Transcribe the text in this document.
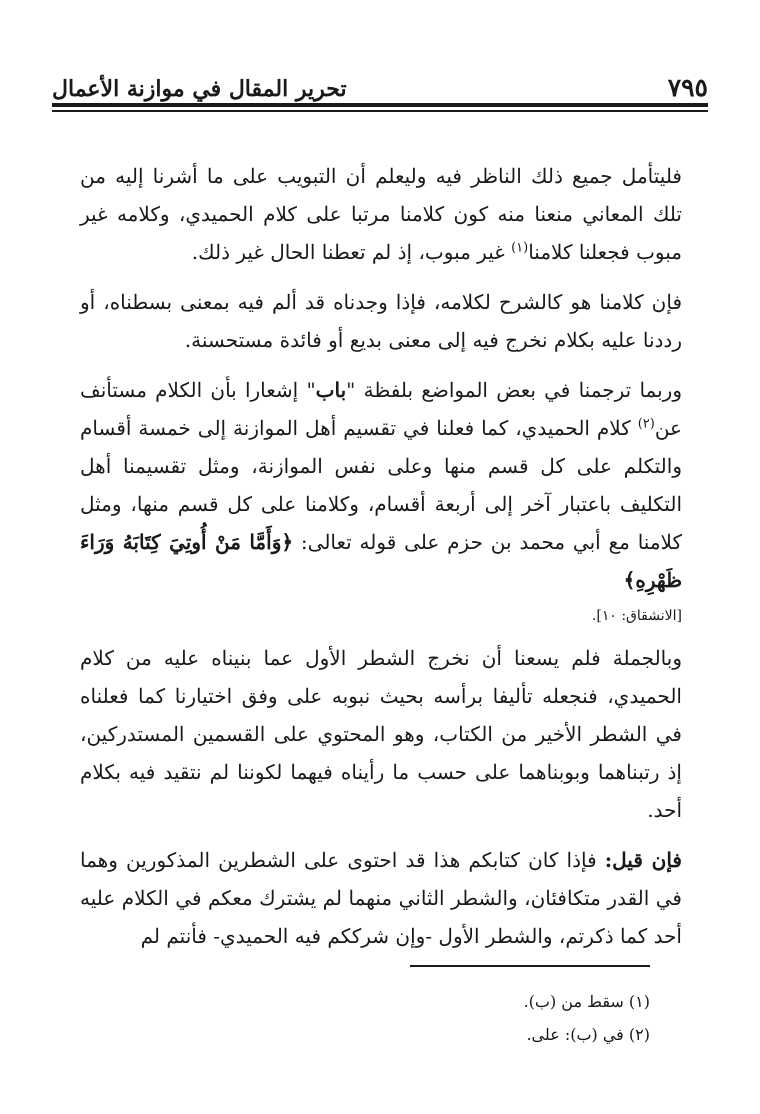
٧٩٥
تحرير المقال في موازنة الأعمال

فليتأمل جميع ذلك الناظر فيه وليعلم أن التبويب على ما أشرنا إليه من تلك المعاني منعنا منه كون كلامنا مرتبا على كلام الحميدي، وكلامه غير مبوب فجعلنا كلامنا$^{(١)}$ غير مبوب، إذ لم تعطنا الحال غير ذلك.

فإن كلامنا هو كالشرح لكلامه، فإذا وجدناه قد ألم فيه بمعنى بسطناه، أو رددنا عليه بكلام نخرج فيه إلى معنى بديع أو فائدة مستحسنة.

وربما ترجمنا في بعض المواضع بلفظة "باب" إشعارا بأن الكلام مستأنف عن$^{(٢)}$ كلام الحميدي، كما فعلنا في تقسيم أهل الموازنة إلى خمسة أقسام والتكلم على كل قسم منها وعلى نفس الموازنة، ومثل تقسيمنا أهل التكليف باعتبار آخر إلى أربعة أقسام، وكلامنا على كل قسم منها، ومثل كلامنا مع أبي محمد بن حزم على قوله تعالى: ﴿وَأَمَّا مَنْ أُوتِيَ كِتَابَهُ وَرَاءَ ظَهْرِهِ﴾

[الانشقاق: ١٠].

وبالجملة فلم يسعنا أن نخرج الشطر الأول عما بنيناه عليه من كلام الحميدي، فنجعله تأليفا برأسه بحيث نبوبه على وفق اختيارنا كما فعلناه في الشطر الأخير من الكتاب، وهو المحتوي على القسمين المستدركين، إذ رتبناهما وبوبناهما على حسب ما رأيناه فيهما لكوننا لم نتقيد فيه بكلام أحد.

فإن قيل: فإذا كان كتابكم هذا قد احتوى على الشطرين المذكورين وهما في القدر متكافئان، والشطر الثاني منهما لم يشترك معكم في الكلام عليه أحد كما ذكرتم، والشطر الأول -وإن شرككم فيه الحميدي- فأنتم لم

(١) سقط من (ب).
(٢) في (ب): على.
